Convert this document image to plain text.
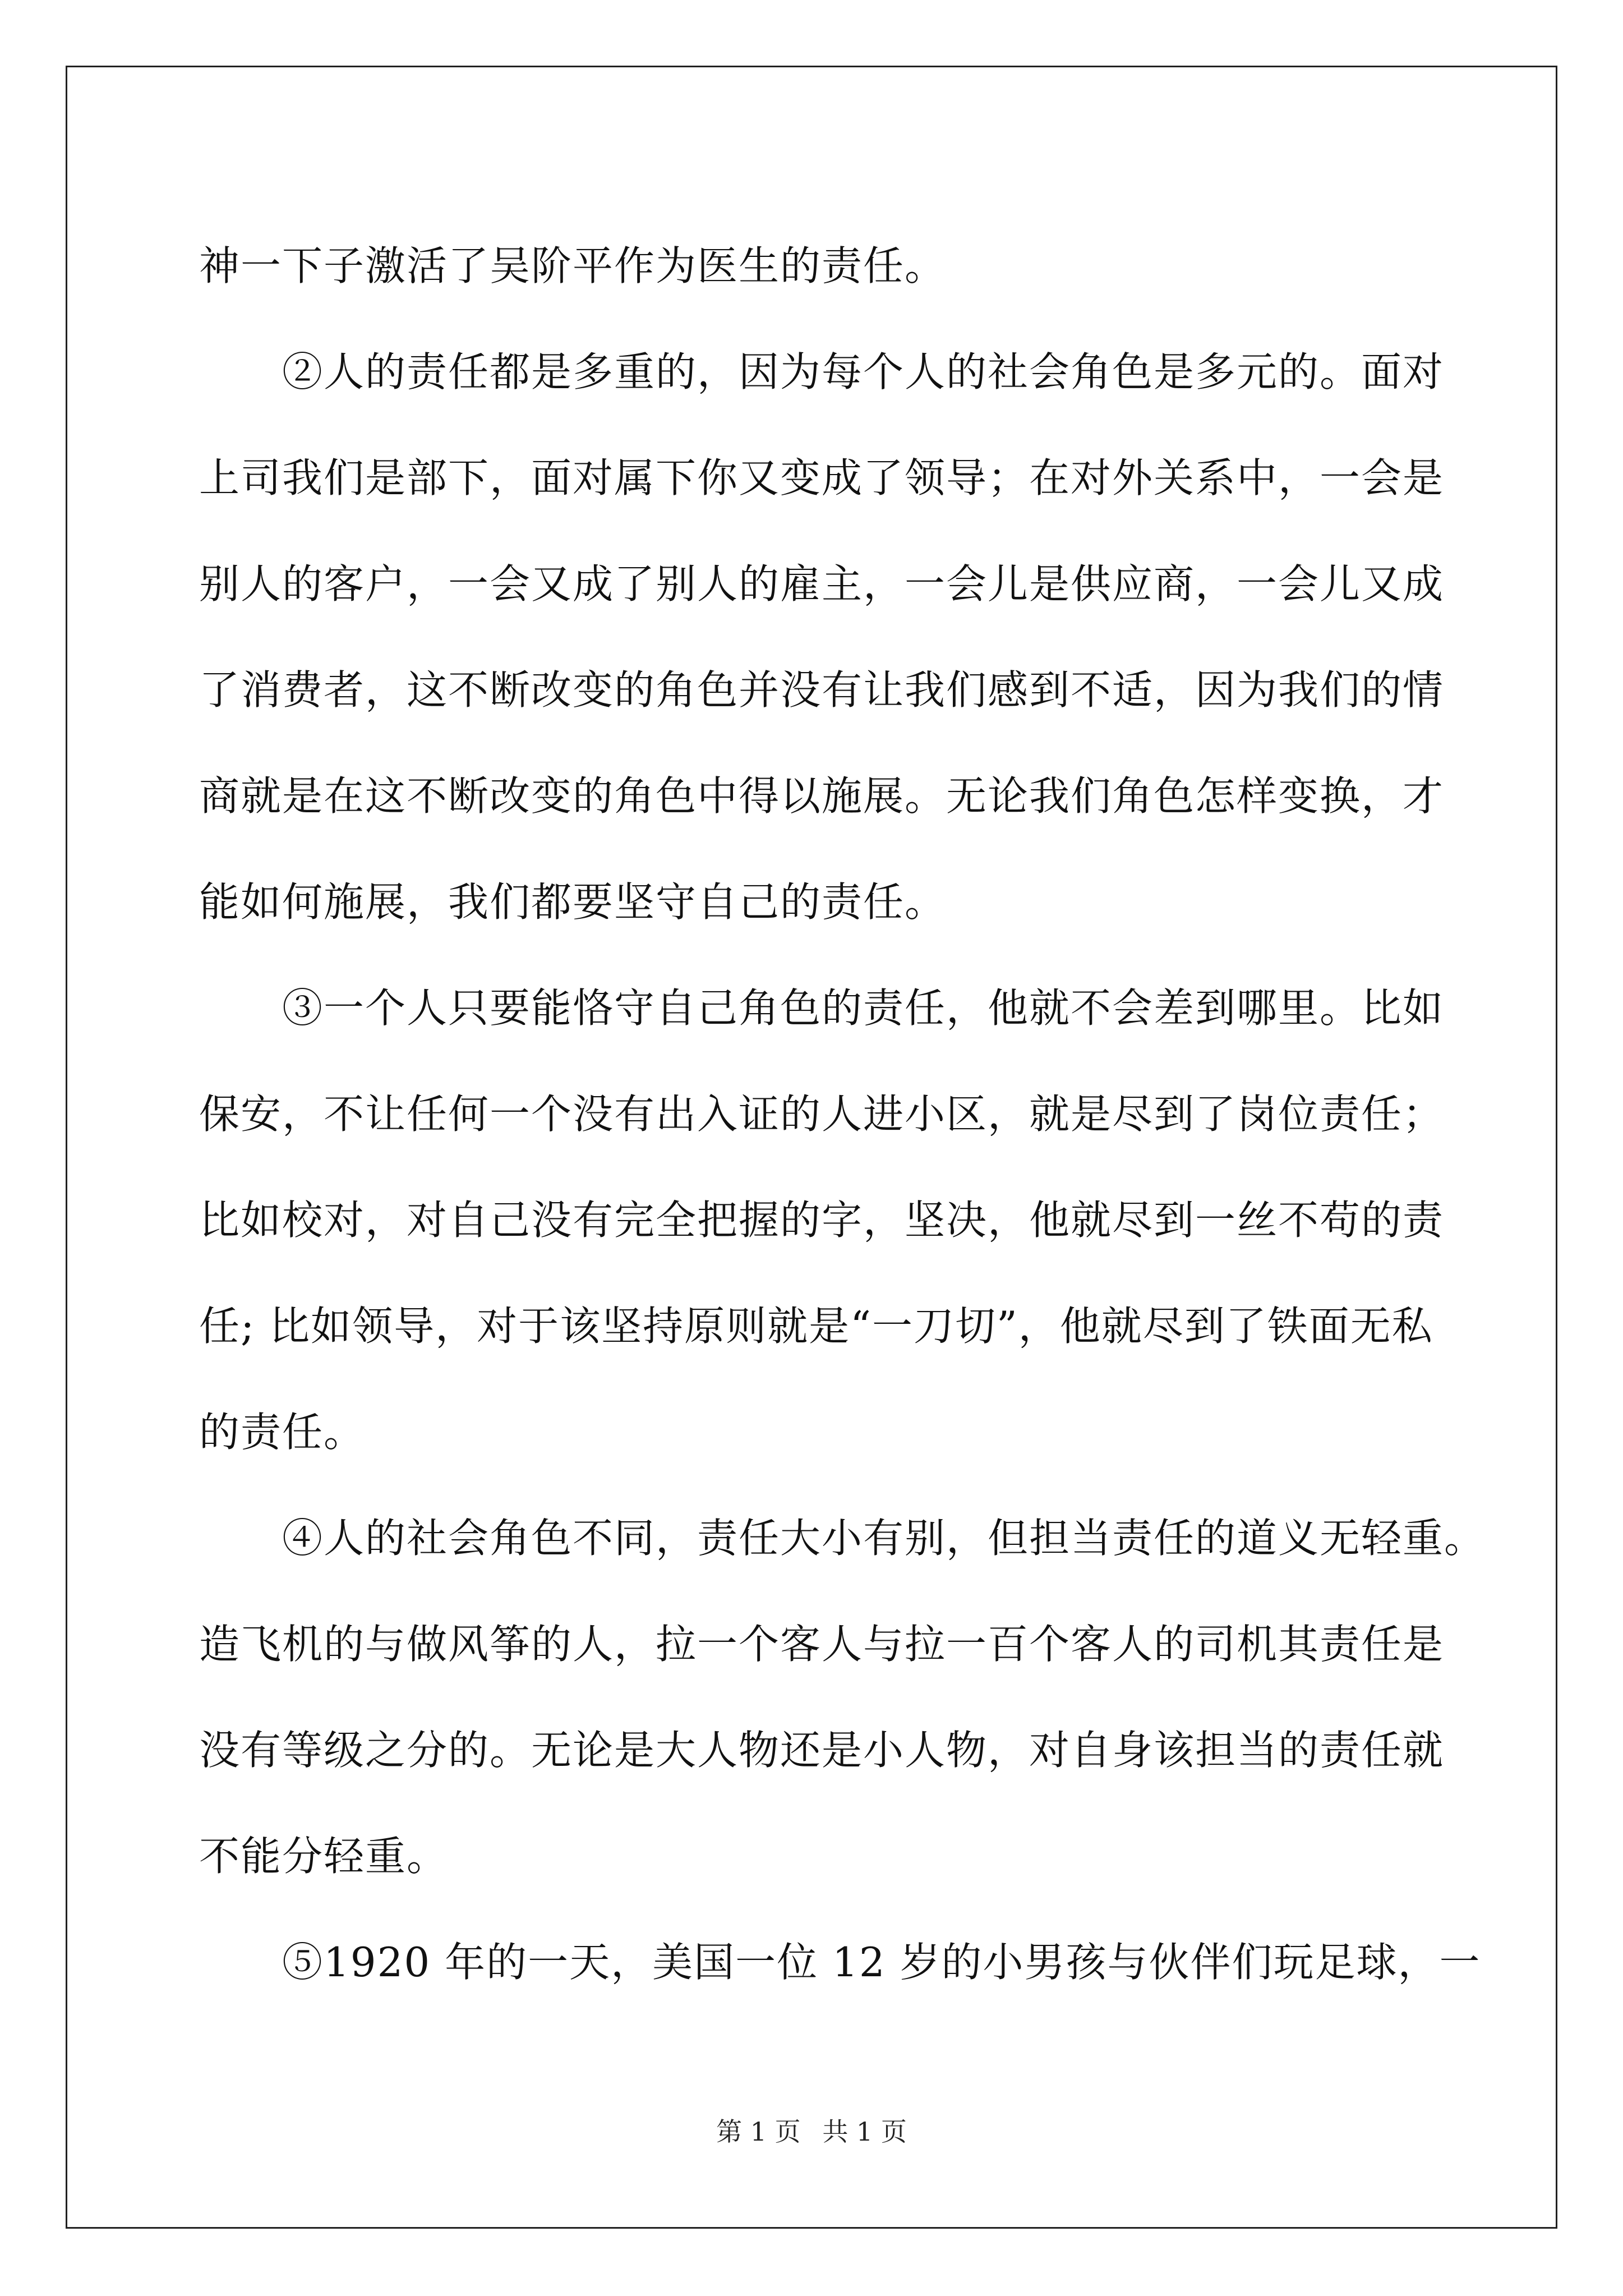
神一下子激活了吴阶平作为医生的责任。

　　②人的责任都是多重的，因为每个人的社会角色是多元的。面对

上司我们是部下，面对属下你又变成了领导；在对外关系中，一会是

别人的客户，一会又成了别人的雇主，一会儿是供应商，一会儿又成

了消费者，这不断改变的角色并没有让我们感到不适，因为我们的情

商就是在这不断改变的角色中得以施展。无论我们角色怎样变换，才

能如何施展，我们都要坚守自己的责任。

　　③一个人只要能恪守自己角色的责任，他就不会差到哪里。比如

保安，不让任何一个没有出入证的人进小区，就是尽到了岗位责任；

比如校对，对自己没有完全把握的字，坚决，他就尽到一丝不苟的责

任; 比如领导，对于该坚持原则就是“一刀切”，他就尽到了铁面无私

的责任。

　　④人的社会角色不同，责任大小有别，但担当责任的道义无轻重。

造飞机的与做风筝的人，拉一个客人与拉一百个客人的司机其责任是

没有等级之分的。无论是大人物还是小人物，对自身该担当的责任就

不能分轻重。

　　⑤1920 年的一天，美国一位 12 岁的小男孩与伙伴们玩足球，一

第 1 页 共 1 页
